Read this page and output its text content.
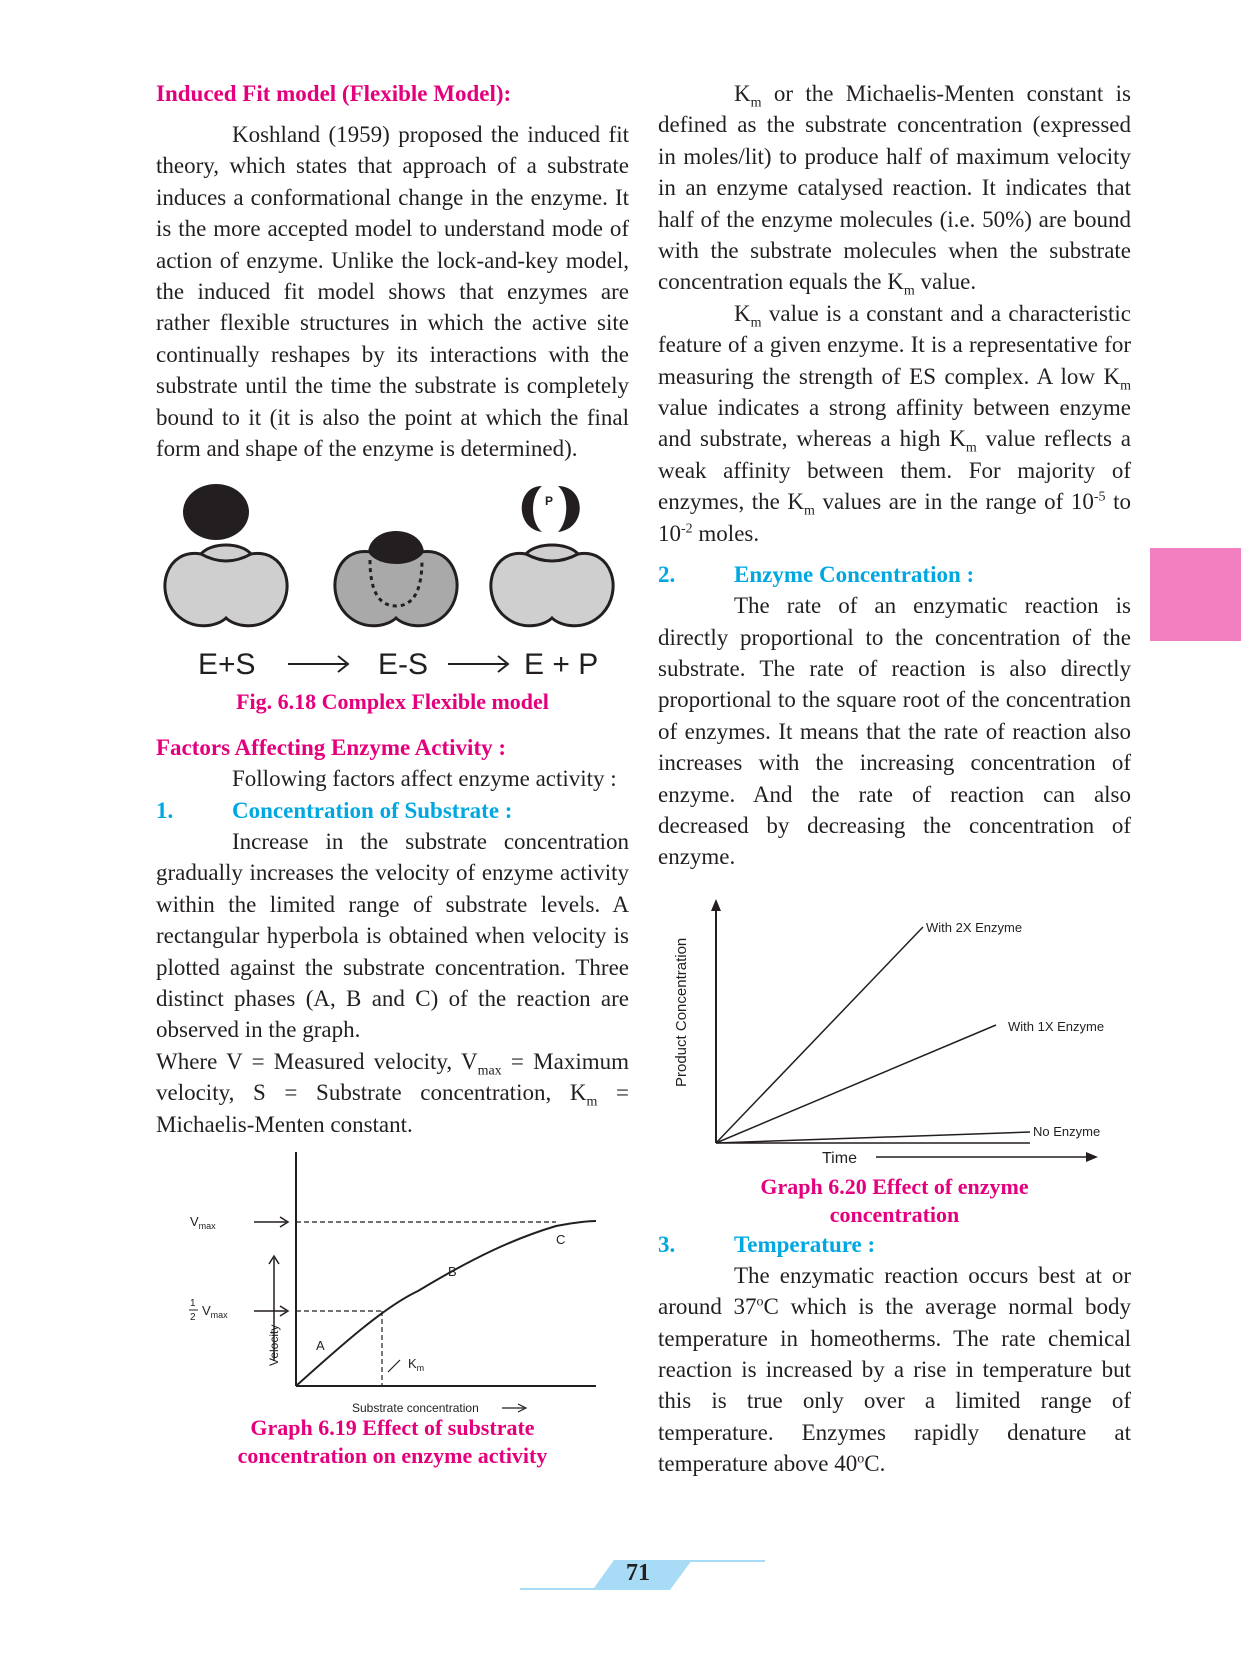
Induced Fit model (Flexible Model):

Koshland (1959) proposed the induced fit theory, which states that approach of a substrate induces a conformational change in the enzyme. It is the more accepted model to understand mode of action of enzyme. Unlike the lock-and-key model, the induced fit model shows that enzymes are rather flexible structures in which the active site continually reshapes by its interactions with the substrate until the time the substrate is completely bound to it (it is also the point at which the final form and shape of the enzyme is determined).

P
E+S	E-S	E + P

Fig. 6.18 Complex Flexible model

Factors Affecting Enzyme Activity :

Following factors affect enzyme activity :

1.	Concentration of Substrate :

Increase in the substrate concentration gradually increases the velocity of enzyme activity within the limited range of substrate levels. A rectangular hyperbola is obtained when velocity is plotted against the substrate concentration. Three distinct phases (A, B and C) of the reaction are observed in the graph.

Where V = Measured velocity, $V_{max}$ = Maximum velocity, S = Substrate concentration, $K_m$ = Michaelis-Menten constant.

$V_{max}$
1
2 $V_{max}$
Velocity
Substrate concentration
A
B
C
$K_m$

Graph 6.19 Effect of substrate

concentration on enzyme activity

$K_m$ or the Michaelis-Menten constant is defined as the substrate concentration (expressed in moles/lit) to produce half of maximum velocity in an enzyme catalysed reaction. It indicates that half of the enzyme molecules (i.e. 50%) are bound with the substrate molecules when the substrate concentration equals the $K_m$ value.

$K_m$ value is a constant and a characteristic feature of a given enzyme. It is a representative for measuring the strength of ES complex. A low $K_m$ value indicates a strong affinity between enzyme and substrate, whereas a high $K_m$ value reflects a weak affinity between them. For majority of enzymes, the $K_m$ values are in the range of $10^{-5}$ to $10^{-2}$ moles.

2.	Enzyme Concentration :

The rate of an enzymatic reaction is directly proportional to the concentration of the substrate. The rate of reaction is also directly proportional to the square root of the concentration of enzymes. It means that the rate of reaction also increases with the increasing concentration of enzyme. And the rate of reaction can also decreased by decreasing the concentration of enzyme.

With 2X Enzyme
With 1X Enzyme
No Enzyme
Product Concentration
Time

Graph 6.20 Effect of enzyme

concentration

3.	Temperature :

The enzymatic reaction occurs best at or around 37$^o$C which is the average normal body temperature in homeotherms. The rate chemical reaction is increased by a rise in temperature but this is true only over a limited range of temperature. Enzymes rapidly denature at temperature above 40$^o$C.

71
